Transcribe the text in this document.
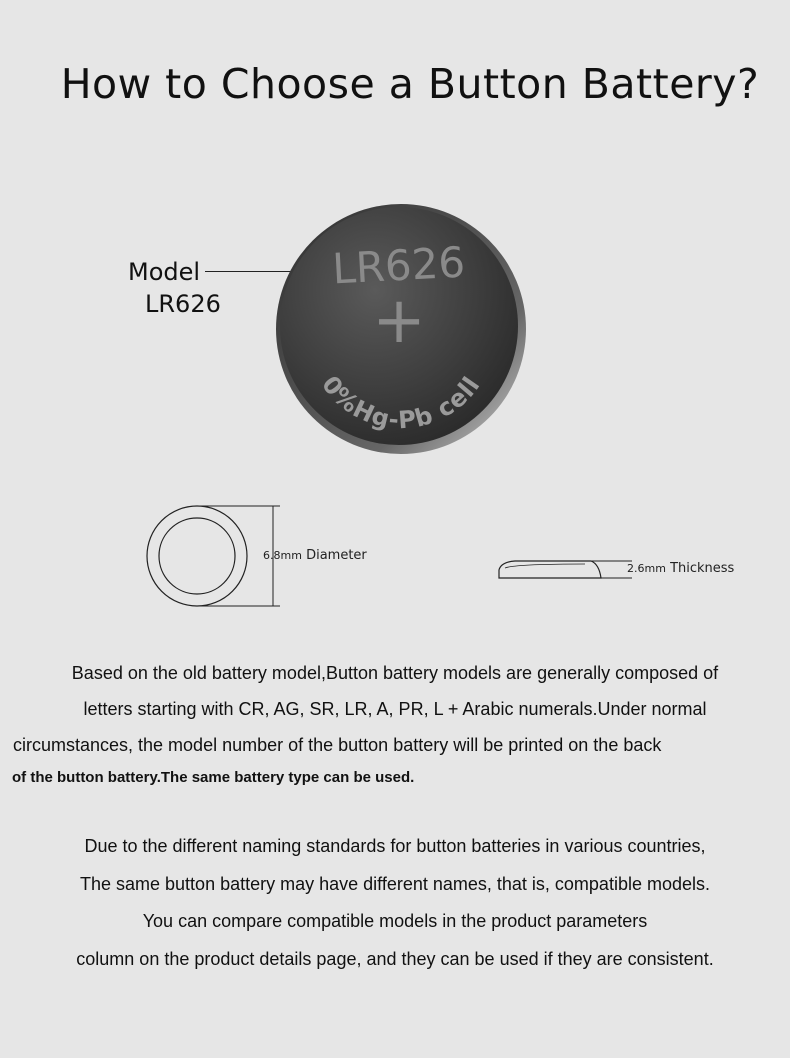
How to Choose a Button Battery?
Model
LR626
LR626
+
0%Hg-Pb cell
6.8mm Diameter
2.6mm Thickness
Based on the old battery model,Button battery models are generally composed of
letters starting with CR, AG, SR, LR, A, PR, L + Arabic numerals.Under normal
circumstances, the model number of the button battery will be printed on the back
of the button battery.The same battery type can be used.
Due to the different naming standards for button batteries in various countries,
The same button battery may have different names, that is, compatible models.
You can compare compatible models in the product parameters
column on the product details page, and they can be used if they are consistent.
